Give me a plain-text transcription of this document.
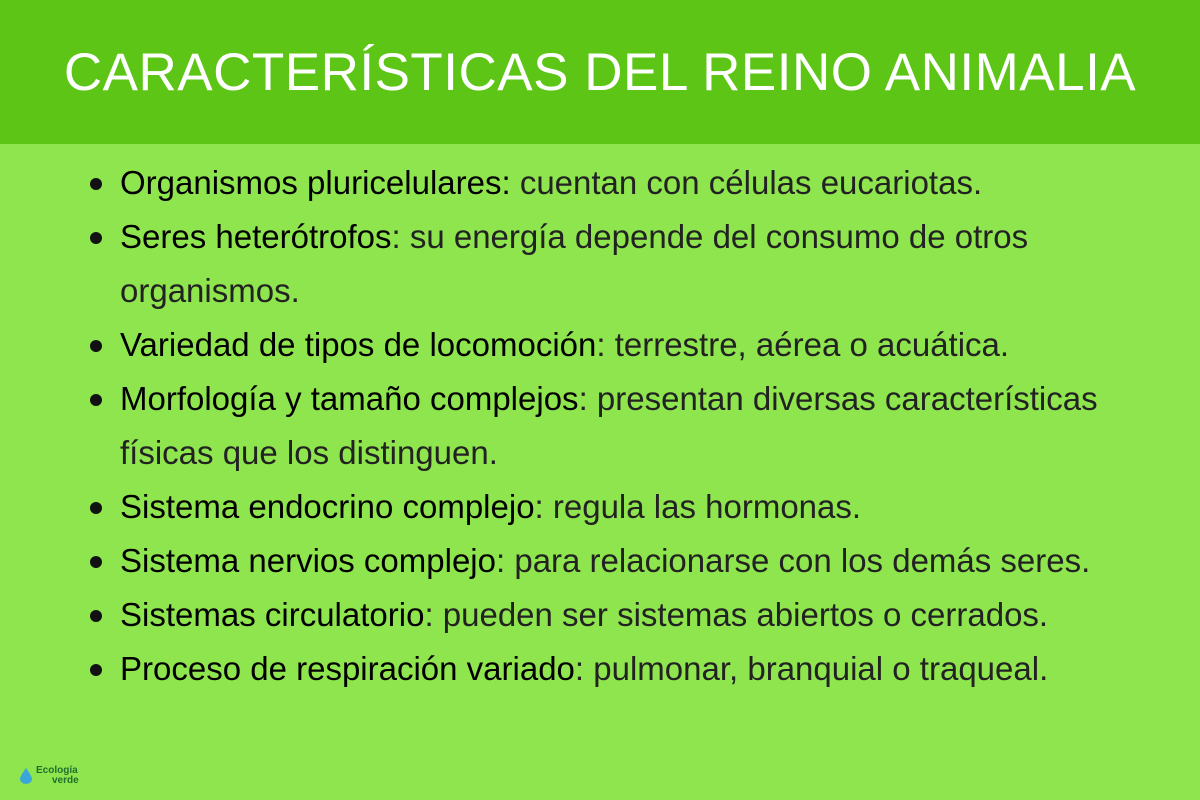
CARACTERÍSTICAS DEL REINO ANIMALIA
Organismos pluricelulares: cuentan con células eucariotas.
Seres heterótrofos: su energía depende del consumo de otros organismos.
Variedad de tipos de locomoción: terrestre, aérea o acuática.
Morfología y tamaño complejos: presentan diversas características físicas que los distinguen.
Sistema endocrino complejo: regula las hormonas.
Sistema nervios complejo: para relacionarse con los demás seres.
Sistemas circulatorio: pueden ser sistemas abiertos o cerrados.
Proceso de respiración variado: pulmonar, branquial o traqueal.
Ecología
verde
